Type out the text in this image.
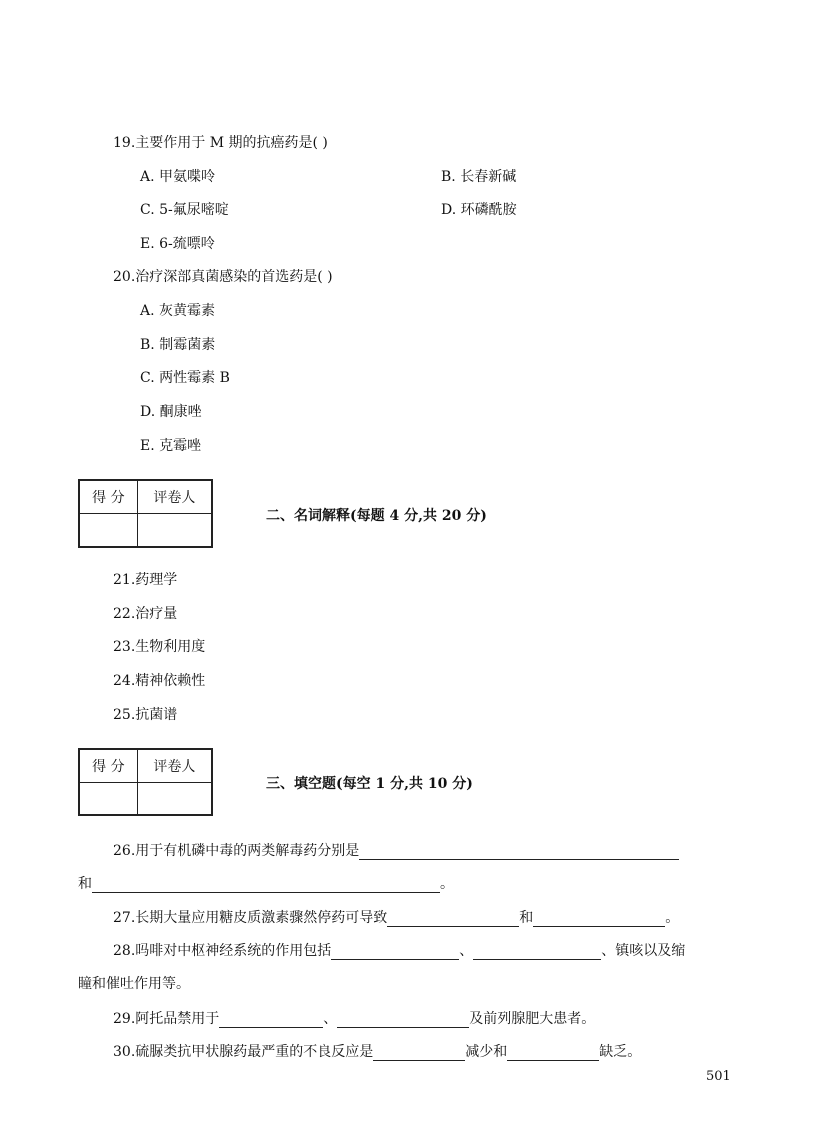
19.主要作用于 M 期的抗癌药是( )
A. 甲氨喋呤	B. 长春新碱
C. 5-氟尿嘧啶	D. 环磷酰胺
E. 6-巯嘌呤
20.治疗深部真菌感染的首选药是( )
A. 灰黄霉素
B. 制霉菌素
C. 两性霉素 B
D. 酮康唑
E. 克霉唑
得 分	评卷人

二、名词解释(每题 4 分,共 20 分)
21.药理学
22.治疗量
23.生物利用度
24.精神依赖性
25.抗菌谱
得 分	评卷人

三、填空题(每空 1 分,共 10 分)
26.用于有机磷中毒的两类解毒药分别是
和	。
27.长期大量应用糖皮质激素骤然停药可导致	和	。
28.吗啡对中枢神经系统的作用包括	、	、镇咳以及缩
瞳和催吐作用等。
29.阿托品禁用于	、	及前列腺肥大患者。
30.硫脲类抗甲状腺药最严重的不良反应是	减少和	缺乏。
501
